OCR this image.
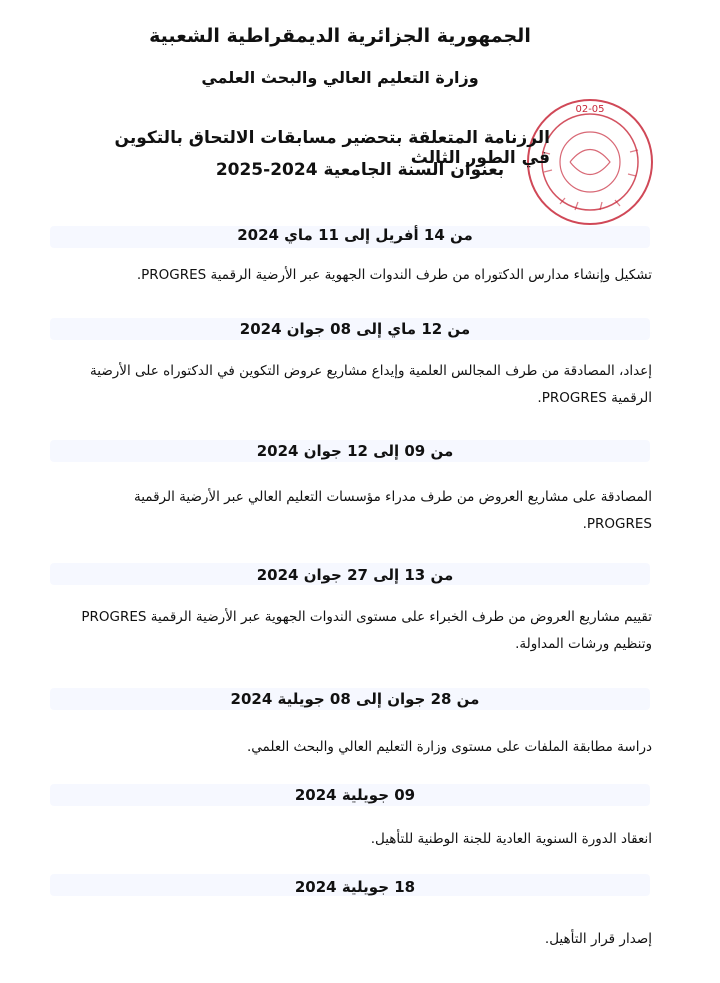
الجمهورية الجزائرية الديمقراطية الشعبية
وزارة التعليم العالي والبحث العلمي
02-05
الرزنامة المتعلقة بتحضير مسابقات الالتحاق بالتكوين في الطور الثالث
بعنوان السنة الجامعية 2024-2025
من 14 أفريل إلى 11 ماي 2024
تشكيل وإنشاء مدارس الدكتوراه من طرف الندوات الجهوية عبر الأرضية الرقمية PROGRES.
من 12 ماي إلى 08 جوان 2024
إعداد، المصادقة من طرف المجالس العلمية وإيداع مشاريع عروض التكوين في الدكتوراه على الأرضية الرقمية PROGRES.
من 09 إلى 12 جوان 2024
المصادقة على مشاريع العروض من طرف مدراء مؤسسات التعليم العالي عبر الأرضية الرقمية PROGRES.
من 13 إلى 27 جوان 2024
تقييم مشاريع العروض من طرف الخبراء على مستوى الندوات الجهوية عبر الأرضية الرقمية PROGRES وتنظيم ورشات المداولة.
من 28 جوان إلى 08 جويلية 2024
دراسة مطابقة الملفات على مستوى وزارة التعليم العالي والبحث العلمي.
09 جويلية 2024
انعقاد الدورة السنوية العادية للجنة الوطنية للتأهيل.
18 جويلية 2024
إصدار قرار التأهيل.
